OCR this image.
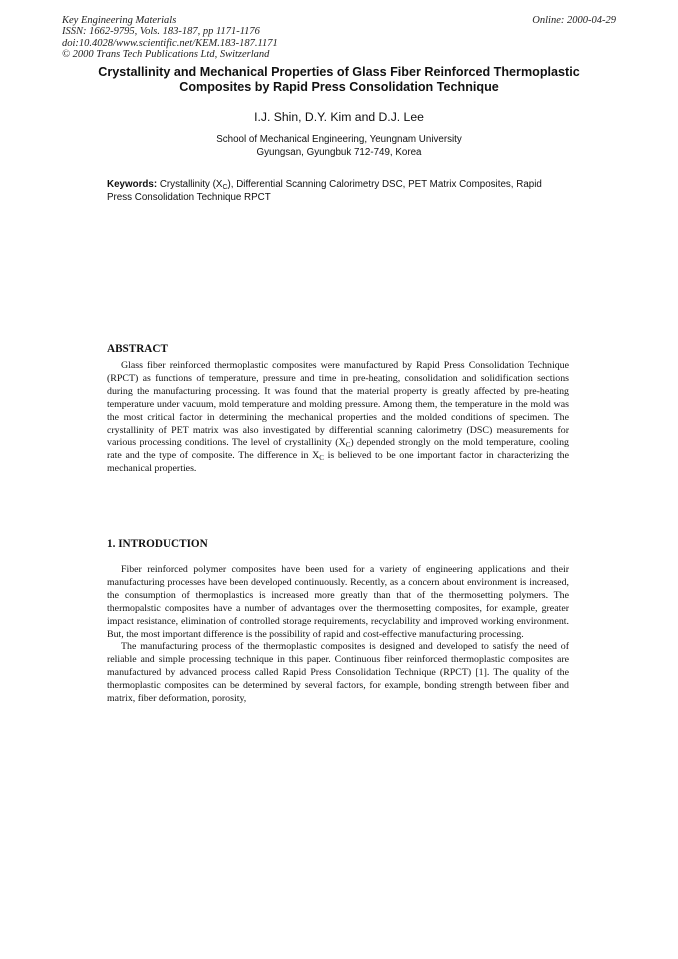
Key Engineering Materials
ISSN: 1662-9795, Vols. 183-187, pp 1171-1176
doi:10.4028/www.scientific.net/KEM.183-187.1171
© 2000 Trans Tech Publications Ltd, Switzerland
Online: 2000-04-29
Crystallinity and Mechanical Properties of Glass Fiber Reinforced Thermoplastic Composites by Rapid Press Consolidation Technique
I.J. Shin, D.Y. Kim and D.J. Lee
School of Mechanical Engineering, Yeungnam University
Gyungsan, Gyungbuk 712-749, Korea
Keywords: Crystallinity $(X_C)$, Differential Scanning Calorimetry DSC, PET Matrix Composites, Rapid Press Consolidation Technique RPCT
ABSTRACT
Glass fiber reinforced thermoplastic composites were manufactured by Rapid Press Consolidation Technique (RPCT) as functions of temperature, pressure and time in pre-heating, consolidation and solidification sections during the manufacturing processing. It was found that the material property is greatly affected by pre-heating temperature under vacuum, mold temperature and molding pressure. Among them, the temperature in the mold was the most critical factor in determining the mechanical properties and the molded conditions of specimen. The crystallinity of PET matrix was also investigated by differential scanning calorimetry (DSC) measurements for various processing conditions. The level of crystallinity $(X_C)$ depended strongly on the mold temperature, cooling rate and the type of composite. The difference in $X_C$ is believed to be one important factor in characterizing the mechanical properties.
1. INTRODUCTION

Fiber reinforced polymer composites have been used for a variety of engineering applications and their manufacturing processes have been developed continuously. Recently, as a concern about environment is increased, the consumption of thermoplastics is increased more greatly than that of the thermosetting polymers. The thermopalstic composites have a number of advantages over the thermosetting composites, for example, greater impact resistance, elimination of controlled storage requirements, recyclability and improved working environment. But, the most important difference is the possibility of rapid and cost-effective manufacturing processing.

The manufacturing process of the thermoplastic composites is designed and developed to satisfy the need of reliable and simple processing technique in this paper. Continuous fiber reinforced thermoplastic composites are manufactured by advanced process called Rapid Press Consolidation Technique (RPCT) [1]. The quality of the thermoplastic composites can be determined by several factors, for example, bonding strength between fiber and matrix, fiber deformation, porosity,
